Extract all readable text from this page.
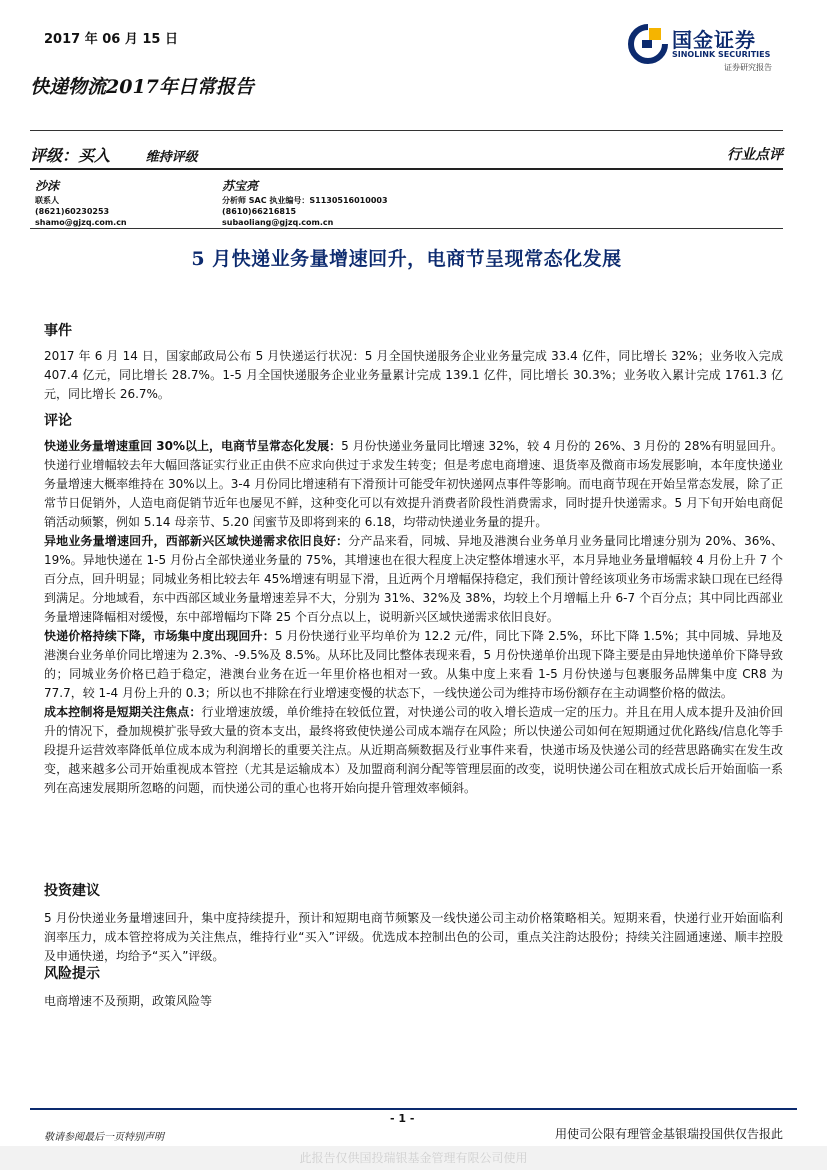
2017 年 06 月 15 日
快递物流2017年日常报告
国金证券
SINOLINK SECURITIES
证券研究报告
评级：买入	维持评级	行业点评
沙沫
联系人
(8621)60230253
shamo@gjzq.com.cn
苏宝亮
分析师 SAC 执业编号：S1130516010003
(8610)66216815
subaoliang@gjzq.com.cn
5 月快递业务量增速回升，电商节呈现常态化发展
事件

2017 年 6 月 14 日，国家邮政局公布 5 月快递运行状况：5 月全国快递服务企业业务量完成 33.4 亿件，同比增长 32%；业务收入完成 407.4 亿元，同比增长 28.7%。1-5 月全国快递服务企业业务量累计完成 139.1 亿件，同比增长 30.3%；业务收入累计完成 1761.3 亿元，同比增长 26.7%。

评论

快递业务量增速重回 30%以上，电商节呈常态化发展：5 月份快递业务量同比增速 32%，较 4 月份的 26%、3 月份的 28%有明显回升。快递行业增幅较去年大幅回落证实行业正由供不应求向供过于求发生转变；但是考虑电商增速、退货率及微商市场发展影响，本年度快递业务量增速大概率维持在 30%以上。3-4 月份同比增速稍有下滑预计可能受年初快递网点事件等影响。而电商节现在开始呈常态发展，除了正常节日促销外，人造电商促销节近年也屡见不鲜，这种变化可以有效提升消费者阶段性消费需求，同时提升快递需求。5 月下旬开始电商促销活动频繁，例如 5.14 母亲节、5.20 闰蜜节及即将到来的 6.18，均带动快递业务量的提升。

异地业务量增速回升，西部新兴区域快递需求依旧良好：分产品来看，同城、异地及港澳台业务单月业务量同比增速分别为 20%、36%、19%。异地快递在 1-5 月份占全部快递业务量的 75%，其增速也在很大程度上决定整体增速水平，本月异地业务量增幅较 4 月份上升 7 个百分点，回升明显；同城业务相比较去年 45%增速有明显下滑，且近两个月增幅保持稳定，我们预计曾经该项业务市场需求缺口现在已经得到满足。分地域看，东中西部区域业务量增速差异不大，分别为 31%、32%及 38%，均较上个月增幅上升 6-7 个百分点；其中同比西部业务量增速降幅相对缓慢，东中部增幅均下降 25 个百分点以上，说明新兴区域快递需求依旧良好。

快递价格持续下降，市场集中度出现回升：5 月份快递行业平均单价为 12.2 元/件，同比下降 2.5%，环比下降 1.5%；其中同城、异地及港澳台业务单价同比增速为 2.3%、-9.5%及 8.5%。从环比及同比整体表现来看，5 月份快递单价出现下降主要是由异地快递单价下降导致的；同城业务价格已趋于稳定，港澳台业务在近一年里价格也相对一致。从集中度上来看 1-5 月份快递与包裹服务品牌集中度 CR8 为 77.7，较 1-4 月份上升的 0.3；所以也不排除在行业增速变慢的状态下，一线快递公司为维持市场份额存在主动调整价格的做法。

成本控制将是短期关注焦点：行业增速放缓，单价维持在较低位置，对快递公司的收入增长造成一定的压力。并且在用人成本提升及油价回升的情况下，叠加规模扩张导致大量的资本支出，最终将致使快递公司成本端存在风险；所以快递公司如何在短期通过优化路线/信息化等手段提升运营效率降低单位成本成为利润增长的重要关注点。从近期高频数据及行业事件来看，快递市场及快递公司的经营思路确实在发生改变，越来越多公司开始重视成本管控（尤其是运输成本）及加盟商利润分配等管理层面的改变，说明快递公司在粗放式成长后开始面临一系列在高速发展期所忽略的问题，而快递公司的重心也将开始向提升管理效率倾斜。

投资建议

5 月份快递业务量增速回升，集中度持续提升，预计和短期电商节频繁及一线快递公司主动价格策略相关。短期来看，快递行业开始面临利润率压力，成本管控将成为关注焦点，维持行业“买入”评级。优选成本控制出色的公司，重点关注韵达股份；持续关注圆通速递、顺丰控股及申通快递，均给予“买入”评级。

风险提示

电商增速不及预期，政策风险等

- 1 -
敬请参阅最后一页特别声明	用使司公限有理管金基银瑞投国供仅告报此
此报告仅供国投瑞银基金管理有限公司使用
